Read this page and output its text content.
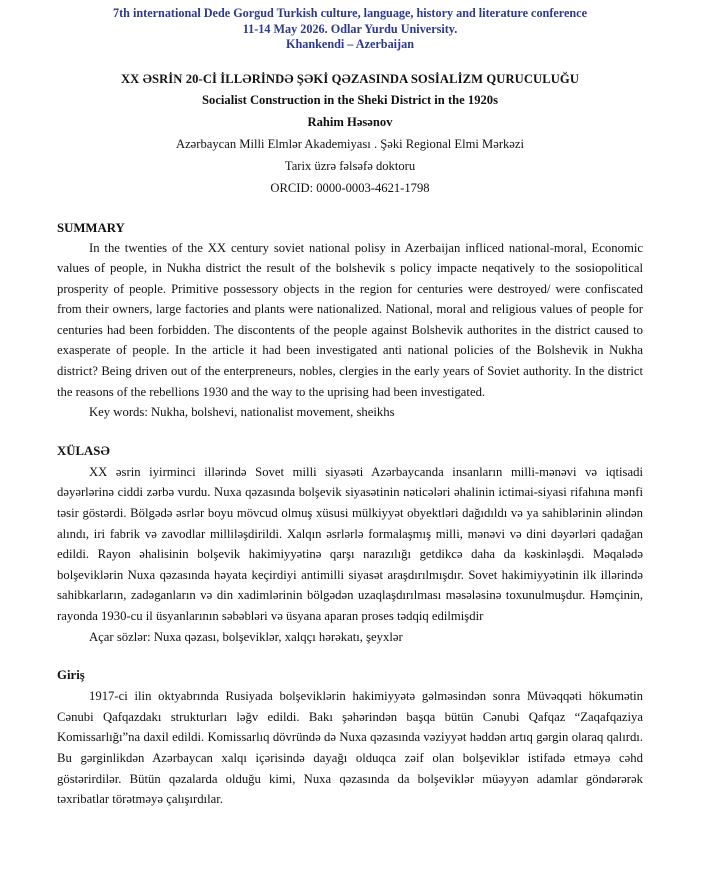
7th international Dede Gorgud Turkish culture, language, history and literature conference
11-14 May 2026. Odlar Yurdu University.
Khankendi – Azerbaijan
XX ƏSRİN 20-Cİ İLLƏRİNDƏ ŞƏKİ QƏZASINDA SOSİALİZM QURUCULUĞU
Socialist Construction in the Sheki District in the 1920s
Rahim Həsənov
Azərbaycan Milli Elmlər Akademiyası . Şəki Regional Elmi Mərkəzi
Tarix üzrə fəlsəfə doktoru
ORCID: 0000-0003-4621-1798
SUMMARY
In the twenties of the XX century soviet national polisy in Azerbaijan infliced national-moral, Economic values of people, in Nukha district the result of the bolshevik s policy impacte neqatively to the sosiopolitical prosperity of people. Primitive possessory objects in the region for centuries were destroyed/ were confiscated from their owners, large factories and plants were nationalized. National, moral and religious values of people for centuries had been forbidden. The discontents of the people against Bolshevik authorites in the district caused to exasperate of people. In the article it had been investigated anti national policies of the Bolshevik in Nukha district? Being driven out of the enterpreneurs, nobles, clergies in the early years of Soviet authority. In the district the reasons of the rebellions 1930 and the way to the uprising had been investigated.
Key words: Nukha, bolshevi, nationalist movement, sheikhs
XÜLASƏ
XX əsrin iyirminci illərində Sovet milli siyasəti Azərbaycanda insanların milli-mənəvi və iqtisadi dəyərlərinə ciddi zərbə vurdu. Nuxa qəzasında bolşevik siyasətinin nəticələri əhalinin ictimai-siyasi rifahına mənfi təsir göstərdi. Bölgədə əsrlər boyu mövcud olmuş xüsusi mülkiyyət obyektləri dağıdıldı və ya sahiblərinin əlindən alındı, iri fabrik və zavodlar milliləşdirildi. Xalqın əsrlərlə formalaşmış milli, mənəvi və dini dəyərləri qadağan edildi. Rayon əhalisinin bolşevik hakimiyyətinə qarşı narazılığı getdikcə daha da kəskinləşdi. Məqalədə bolşeviklərin Nuxa qəzasında həyata keçirdiyi antimilli siyasət araşdırılmışdır. Sovet hakimiyyətinin ilk illərində sahibkarların, zadəganların və din xadimlərinin bölgədən uzaqlaşdırılması məsələsinə toxunulmuşdur. Həmçinin, rayonda 1930-cu il üsyanlarının səbəbləri və üsyana aparan proses tədqiq edilmişdir
Açar sözlər: Nuxa qəzası, bolşeviklər, xalqçı hərəkatı, şeyxlər
Giriş
1917-ci ilin oktyabrında Rusiyada bolşeviklərin hakimiyyətə gəlməsindən sonra Müvəqqəti hökumətin Cənubi Qafqazdakı strukturları ləğv edildi. Bakı şəhərindən başqa bütün Cənubi Qafqaz “Zaqafqaziya Komissarlığı”na daxil edildi. Komissarlıq dövründə də Nuxa qəzasında vəziyyət həddən artıq gərgin olaraq qalırdı. Bu gərginlikdən Azərbaycan xalqı içərisində dayağı olduqca zəif olan bolşeviklər istifadə etməyə cəhd göstərirdilər. Bütün qəzalarda olduğu kimi, Nuxa qəzasında da bolşeviklər müəyyən adamlar göndərərək təxribatlar törətməyə çalışırdılar.
